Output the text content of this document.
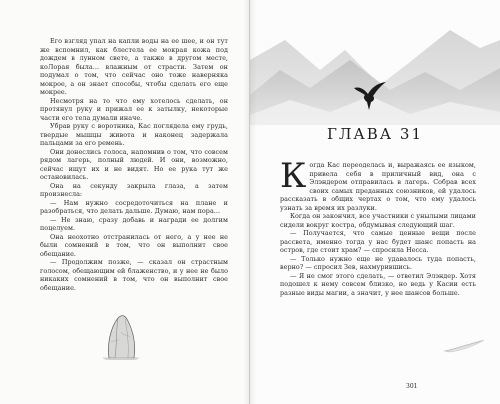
Его взгляд упал на капли воды на ее шее, и он тут же вспомнил, как блестела ее мокрая кожа под дождем в лунном свете, а также в другом месте, коЛорая была… влажным от страсти. Затем он подумал о том, что сейчас оно тоже наверняка мокрое, а он знает способы, чтобы сделать его еще мокрее.

Несмотря на то что ему хотелось сделать, он протянул руку и прижал ее к затылку, некоторые части его тела думали иначе.

Убрав руку с воротника, Кас поглядела ему грудь, твердые мышцы живота и наконец задержала пальцами за его ремень.

Они донеслись голоса, напомнив о том, что совсем рядом лагерь, полный людей. И они, возможно, сейчас ищут их и не видят. Но ее рука тут же остановилась.

Она на секунду закрыла глаза, а затем произнесла:

— Нам нужно сосредоточиться на плане и разобраться, что делать дальше. Думаю, нам пора…

— Не знаю, сразу добавь и награди ее долгим поцелуем.

Она неохотно отстранилась от него, а у нее не были сомнений в том, что он выполнит свое обещание.

— Продолжим позже, — сказал он страстным голосом, обещающим ей блаженство, и у нее не было никаких сомнений в том, что он выполнит свое обещание.

ГЛАВА 31

Когда Кас переоделась и, выражаясь ее языком, привела себя в приличный вид, она с Элэндером отправилась в лагерь. Собрав всех своих самых преданных союзников, ей удалось рассказать в общих чертах о том, что ему удалось узнать за время их разлуки.

Когда он закончил, все участники с унылыми лицами сидели вокруг костра, обдумывая следующий шаг.

— Получается, что самые ценные вещи после рассвета, именно тогда у нас будет шанс попасть на остров, где стоит храм? — спросила Несса.

— Только нужно еще не удавалось туда попасть, верно? — спросил Зев, нахмурившись.

— Я не смог этого сделать, — ответил Элэндер. Хотя подошел к нему совсем близко, но ведь у Касии есть разные виды магии, а значит, у нее шансов больше.

301
